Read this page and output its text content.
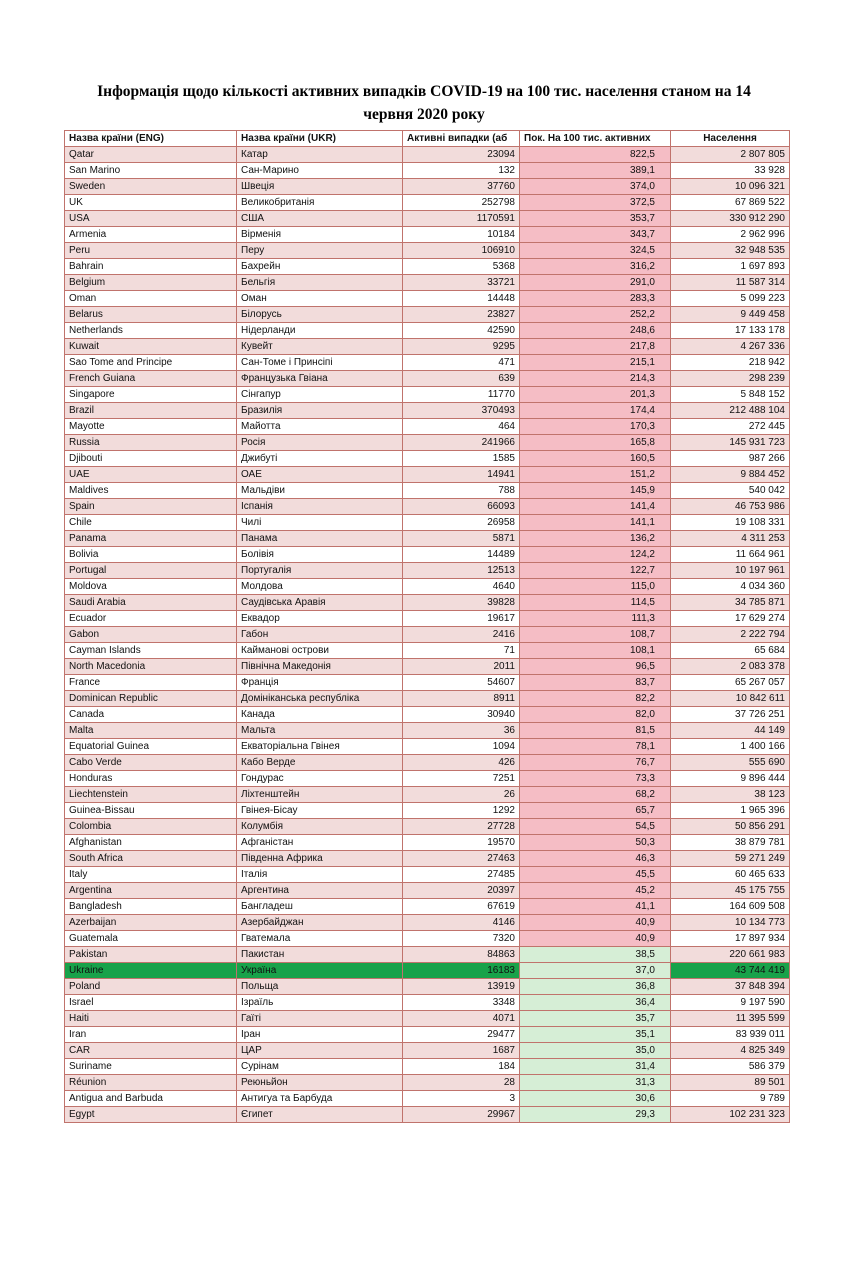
Інформація щодо кількості активних випадків COVID-19 на 100 тис. населення станом на 14
червня 2020 року
Назва країни (ENG)	Назва країни (UKR)	Активні випадки (аб	Пок. На 100 тис. активних	Населення
Qatar	Катар	23094	822,5	2 807 805
San Marino	Сан-Марино	132	389,1	33 928
Sweden	Швеція	37760	374,0	10 096 321
UK	Великобританія	252798	372,5	67 869 522
USA	США	1170591	353,7	330 912 290
Armenia	Вірменія	10184	343,7	2 962 996
Peru	Перу	106910	324,5	32 948 535
Bahrain	Бахрейн	5368	316,2	1 697 893
Belgium	Бельгія	33721	291,0	11 587 314
Oman	Оман	14448	283,3	5 099 223
Belarus	Білорусь	23827	252,2	9 449 458
Netherlands	Нідерланди	42590	248,6	17 133 178
Kuwait	Кувейт	9295	217,8	4 267 336
Sao Tome and Principe	Сан-Томе і Принсіпі	471	215,1	218 942
French Guiana	Французька Гвіана	639	214,3	298 239
Singapore	Сінгапур	11770	201,3	5 848 152
Brazil	Бразилія	370493	174,4	212 488 104
Mayotte	Майотта	464	170,3	272 445
Russia	Росія	241966	165,8	145 931 723
Djibouti	Джибуті	1585	160,5	987 266
UAE	ОАЕ	14941	151,2	9 884 452
Maldives	Мальдіви	788	145,9	540 042
Spain	Іспанія	66093	141,4	46 753 986
Chile	Чилі	26958	141,1	19 108 331
Panama	Панама	5871	136,2	4 311 253
Bolivia	Болівія	14489	124,2	11 664 961
Portugal	Португалія	12513	122,7	10 197 961
Moldova	Молдова	4640	115,0	4 034 360
Saudi Arabia	Саудівська Аравія	39828	114,5	34 785 871
Ecuador	Еквадор	19617	111,3	17 629 274
Gabon	Габон	2416	108,7	2 222 794
Cayman Islands	Кайманові острови	71	108,1	65 684
North Macedonia	Північна Македонія	2011	96,5	2 083 378
France	Франція	54607	83,7	65 267 057
Dominican Republic	Домініканська республіка	8911	82,2	10 842 611
Canada	Канада	30940	82,0	37 726 251
Malta	Мальта	36	81,5	44 149
Equatorial Guinea	Екваторіальна Гвінея	1094	78,1	1 400 166
Cabo Verde	Кабо Верде	426	76,7	555 690
Honduras	Гондурас	7251	73,3	9 896 444
Liechtenstein	Ліхтенштейн	26	68,2	38 123
Guinea-Bissau	Гвінея-Бісау	1292	65,7	1 965 396
Colombia	Колумбія	27728	54,5	50 856 291
Afghanistan	Афганістан	19570	50,3	38 879 781
South Africa	Південна Африка	27463	46,3	59 271 249
Italy	Італія	27485	45,5	60 465 633
Argentina	Аргентина	20397	45,2	45 175 755
Bangladesh	Бангладеш	67619	41,1	164 609 508
Azerbaijan	Азербайджан	4146	40,9	10 134 773
Guatemala	Гватемала	7320	40,9	17 897 934
Pakistan	Пакистан	84863	38,5	220 661 983
Ukraine	Україна	16183	37,0	43 744 419
Poland	Польща	13919	36,8	37 848 394
Israel	Ізраїль	3348	36,4	9 197 590
Haiti	Гаїті	4071	35,7	11 395 599
Iran	Іран	29477	35,1	83 939 011
CAR	ЦАР	1687	35,0	4 825 349
Suriname	Сурінам	184	31,4	586 379
Réunion	Реюньйон	28	31,3	89 501
Antigua and Barbuda	Антигуа та Барбуда	3	30,6	9 789
Egypt	Єгипет	29967	29,3	102 231 323
